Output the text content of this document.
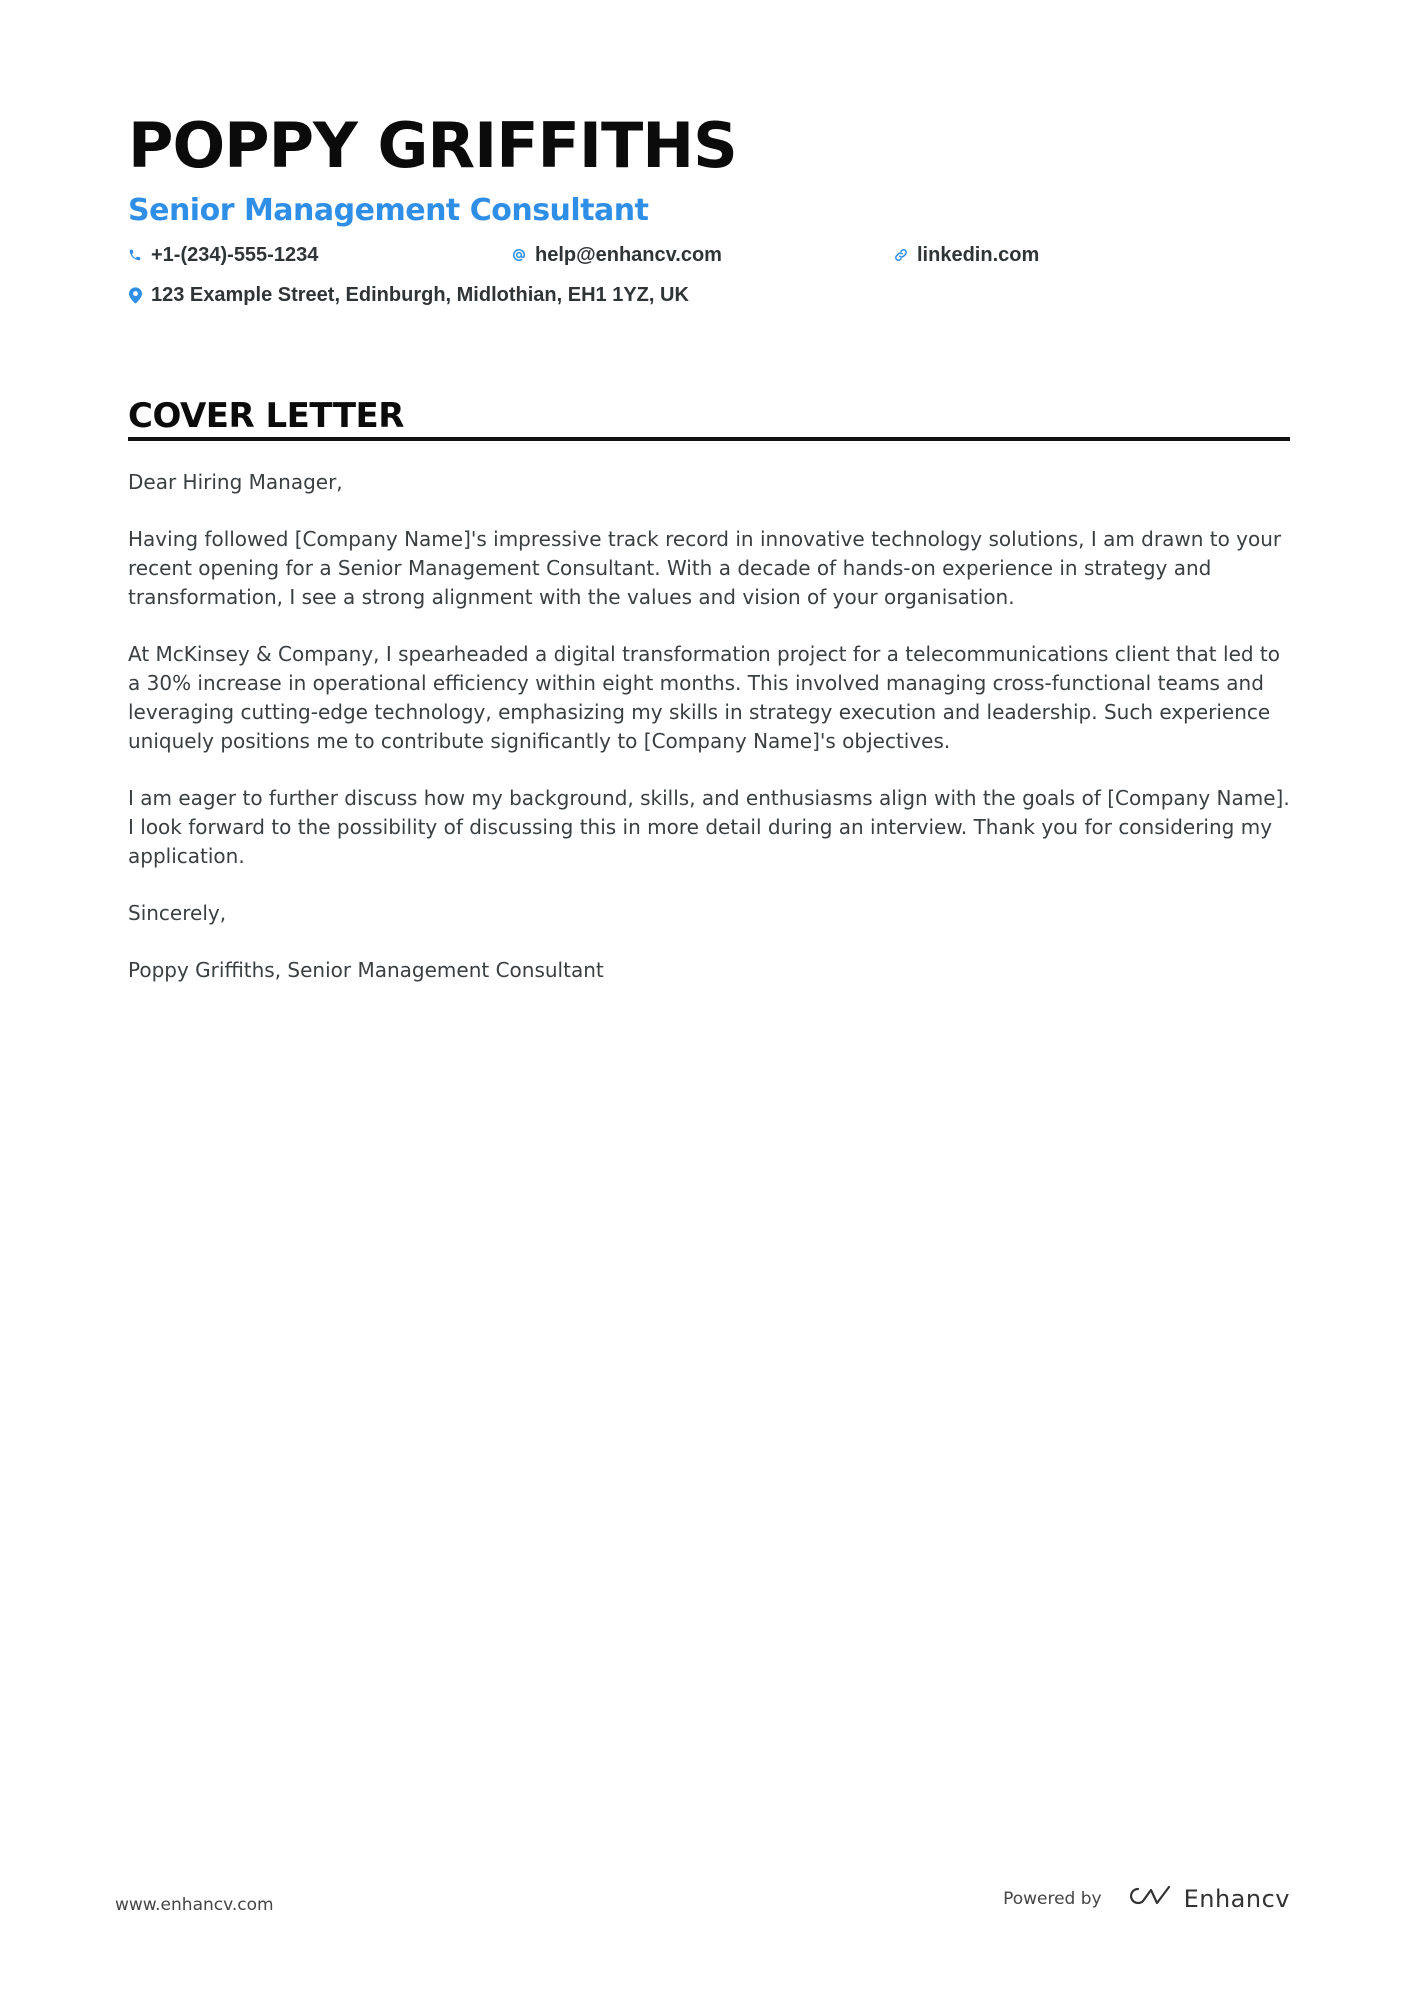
POPPY GRIFFITHS
Senior Management Consultant
+1-(234)-555-1234	help@enhancv.com	linkedin.com
123 Example Street, Edinburgh, Midlothian, EH1 1YZ, UK
COVER LETTER

Dear Hiring Manager,

Having followed [Company Name]'s impressive track record in innovative technology solutions, I am drawn to your recent opening for a Senior Management Consultant. With a decade of hands-on experience in strategy and transformation, I see a strong alignment with the values and vision of your organisation.

At McKinsey & Company, I spearheaded a digital transformation project for a telecommunications client that led to a 30% increase in operational efficiency within eight months. This involved managing cross-functional teams and leveraging cutting-edge technology, emphasizing my skills in strategy execution and leadership. Such experience uniquely positions me to contribute significantly to [Company Name]'s objectives.

I am eager to further discuss how my background, skills, and enthusiasms align with the goals of [Company Name]. I look forward to the possibility of discussing this in more detail during an interview. Thank you for considering my application.

Sincerely,

Poppy Griffiths, Senior Management Consultant

www.enhancv.com	Powered by	Enhancv
